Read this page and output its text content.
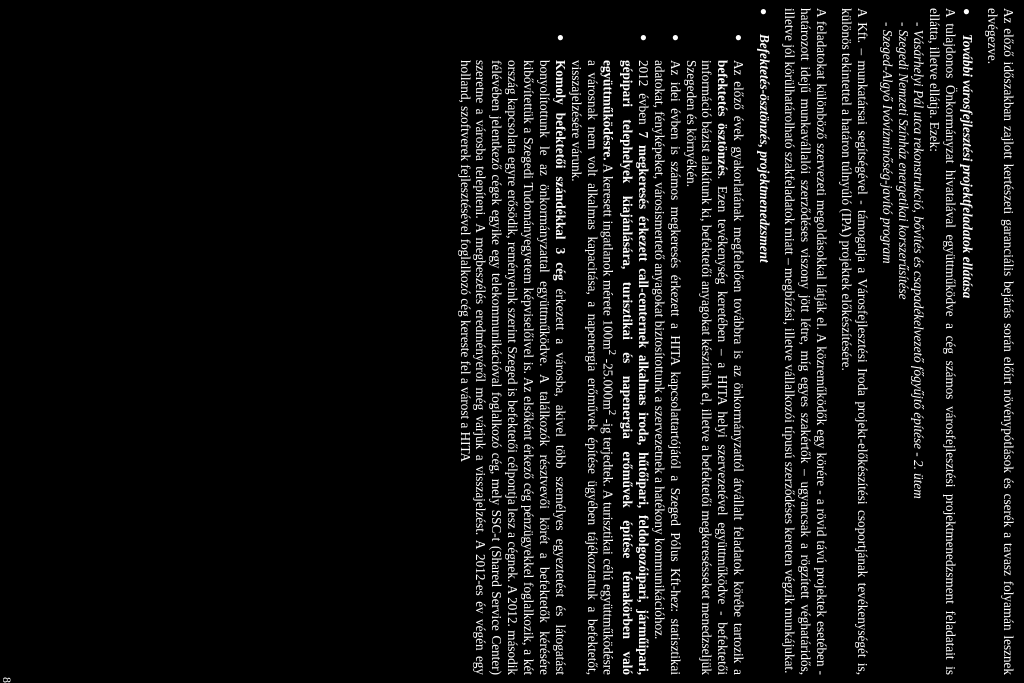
Az előző időszakban zajlott kertészeti garanciális bejárás során előírt növénypótlások és cserék a tavasz folyamán lesznek elvégezve.

●
További városfejlesztési projektfeladatok ellátása

A tulajdonos Önkormányzat hivatalával együttműködve a cég számos városfejlesztési projektmenedzsment feladatait is ellátta, illetve ellátja. Ezek:

- Vásárhelyi Pál utca rekonstrukció, bővítés és csapadékelvezető főgyűjtő építése - 2. ütem

- Szegedi Nemzeti Színház energetikai korszerűsítése

- Szeged-Algyő Ivóvízminőség-javító program

A Kft. – munkatársai segítségével - támogatja a Városfejlesztési Iroda projekt-előkészítési csoportjának tevékenységét is, különös tekintettel a határon túlnyúló (IPA) projektek előkészítésére.

A feladatokat különböző szervezeti megoldásokkal látják el. A közreműködők egy körére - a rövid távú projektek esetében - határozott idejű munkavállalói szerződéses viszony jött létre, míg egyes szakértők – ugyancsak a rögzített véghatáridős, illetve jól körülhatárolható szakfeladatok miatt – megbízási, illetve vállalkozói típusú szerződéses kereten végzik munkájukat.

●
Befektetés-ösztönzés, projektmenedzsment
●
Az előző évek gyakorlatának megfelelően továbbra is az önkormányzattól átvállalt feladatok körébe tartozik a befektetés ösztönzés. Ezen tevékenység keretében – a HITA helyi szervezetével együttműködve - befektetői információ bázist alakítunk ki, befektetői anyagokat készítünk el, illetve a befektetői megkeresésseket menedzseljük Szegeden és környékén.
●
Az idei évben is számos megkeresés érkezett a HITA kapcsolattartójától a Szeged Pólus Kft-hez: statisztikai adatokat, fényképeket, városismertető anyagokat biztosítottunk a szervezetnek a hatékony kommunikációhoz.
●
2012 évben 7 megkeresés érkezett call-centernek alkalmas iroda, hűtőipari, feldolgozóipari, járműipari, gépipari telephelyek kiajánlására, turisztikai és napenergia erőművek építése témakörben való együttműködésre. A keresett ingatlanok mérete $100m^2$ $-25.000m^2$ -ig terjedtek. A turisztikai célú együttműködésre a városnak nem volt alkalmas kapacitása, a napenergia erőművek építése ügyében tájékoztattuk a befektetőt, visszajelzésére várunk.
●
Komoly befektetői szándékkal 3 cég érkezett a városba, akivel több személyes egyeztetést és látogatást bonyolítottunk le az önkormányzattal együttműködve. A találkozók résztvevői körét a befektetők kérésére kibővítettük a Szegedi Tudományegyetem képviselőivel is. Az elsőként érkező cég pénzügyekkel foglalkozik, a két ország kapcsolata egyre erősödik, reményeink szerint Szeged is befektetői célpontja lesz a cégnek. A 2012. második félévében jelentkező cégek egyike egy telekommunikációval foglalkozó cég, mely SSC-t (Shared Service Center) szeretne a városba telepíteni. A megbeszélés eredményéről még várjuk a visszajelzést. A 2012-es év végén egy holland, szoftverek fejlesztésével foglalkozó cég kereste fel a várost a HITA
8
